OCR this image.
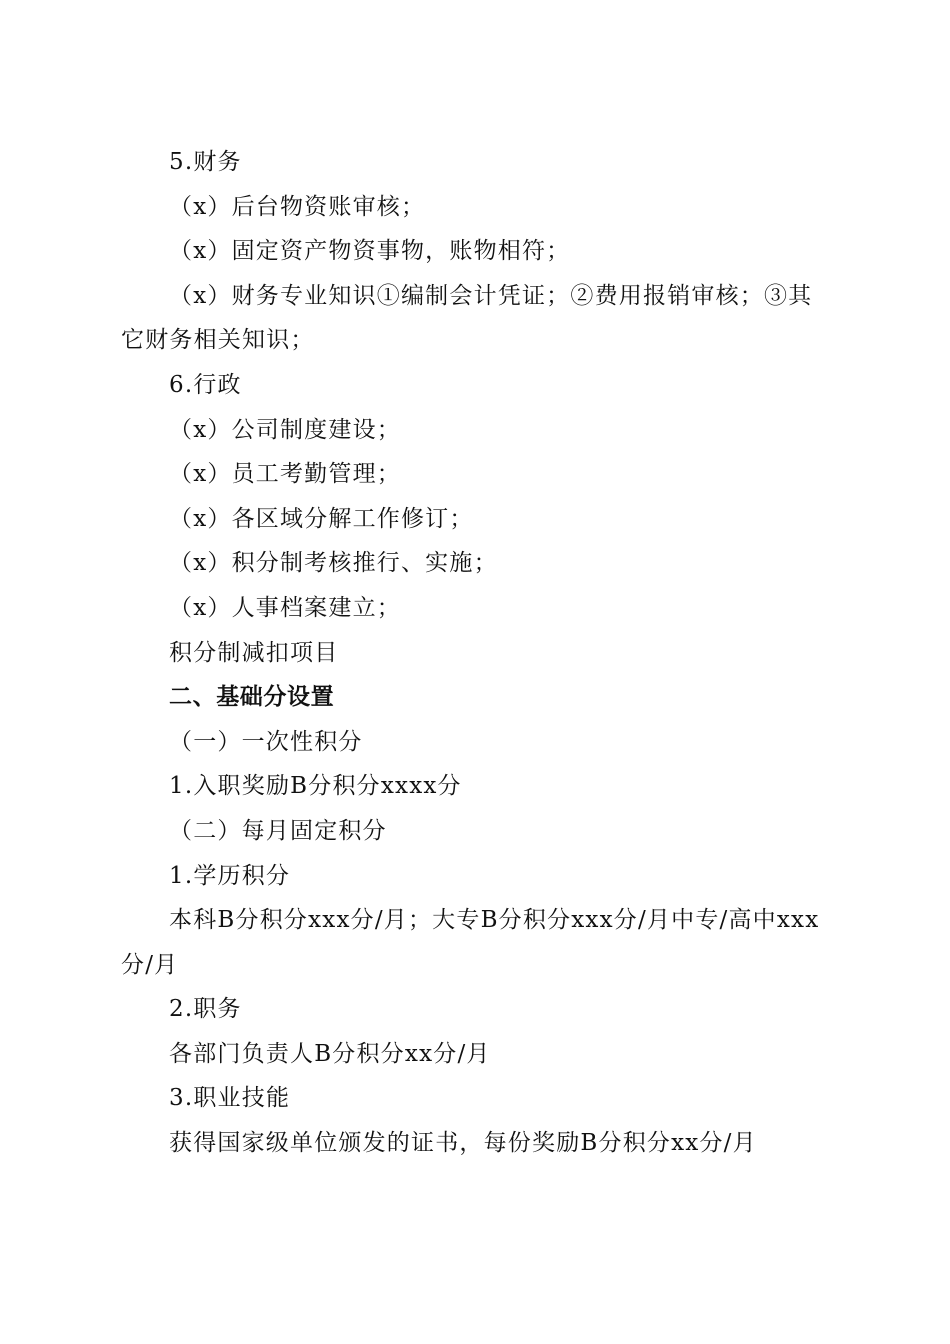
5.财务

（x）后台物资账审核；

（x）固定资产物资事物，账物相符；

（x）财务专业知识①编制会计凭证；②费用报销审核；③其它财务相关知识；

6.行政

（x）公司制度建设；

（x）员工考勤管理；

（x）各区域分解工作修订；

（x）积分制考核推行、实施；

（x）人事档案建立；

积分制减扣项目

二、基础分设置

（一）一次性积分

1.入职奖励B分积分xxxx分

（二）每月固定积分

1.学历积分

本科B分积分xxx分/月；大专B分积分xxx分/月中专/高中xxx分/月

2.职务

各部门负责人B分积分xx分/月

3.职业技能

获得国家级单位颁发的证书，每份奖励B分积分xx分/月
